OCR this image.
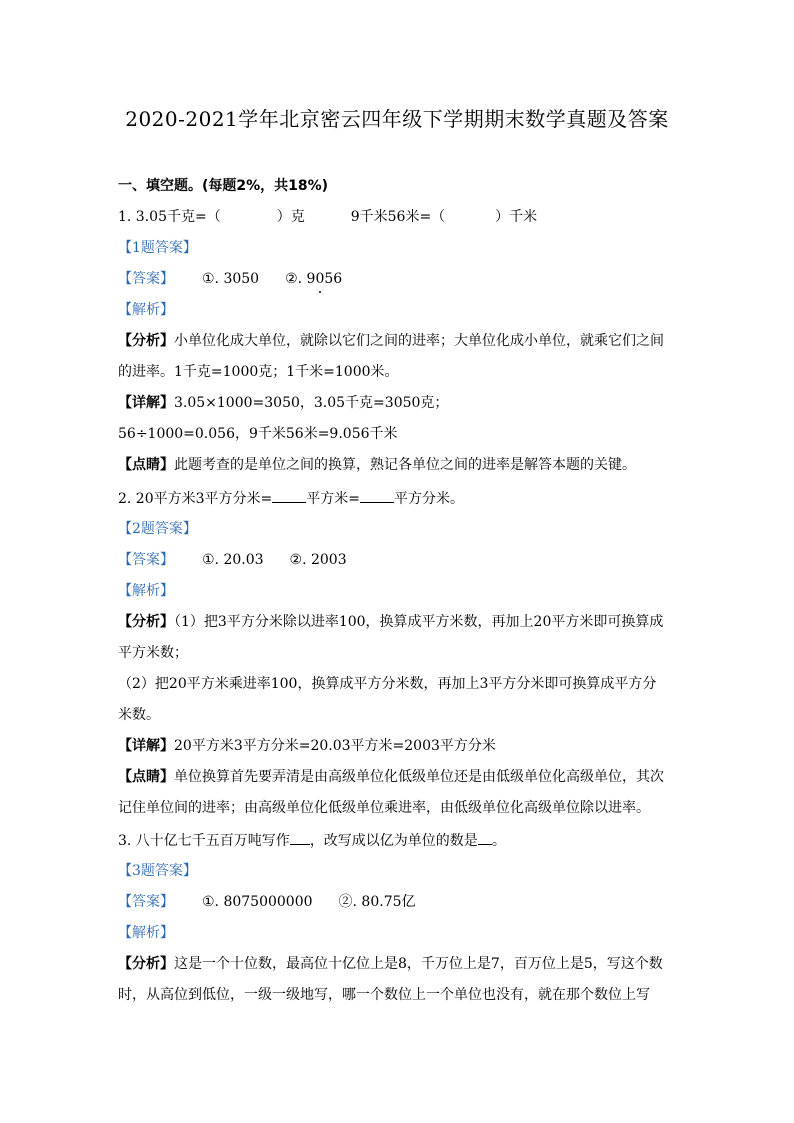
2020-2021学年北京密云四年级下学期期末数学真题及答案
一、填空题。(每题2%，共18%)
1. 3.05千克=（	）克	9千米56米=（	）千米
【1题答案】
【答案】 ①. 3050 ②. 9056
【解析】
【分析】小单位化成大单位，就除以它们之间的进率；大单位化成小单位，就乘它们之间
的进率。1千克=1000克；1千米=1000米。
【详解】3.05×1000=3050，3.05千克=3050克；
56÷1000=0.056，9千米56米=9.056千米
【点睛】此题考查的是单位之间的换算，熟记各单位之间的进率是解答本题的关键。
2. 20平方米3平方分米= 平方米= 平方分米。
【2题答案】
【答案】 ①. 20.03 ②. 2003
【解析】
【分析】（1）把3平方分米除以进率100，换算成平方米数，再加上20平方米即可换算成
平方米数；
（2）把20平方米乘进率100，换算成平方分米数，再加上3平方分米即可换算成平方分
米数。
【详解】20平方米3平方分米=20.03平方米=2003平方分米
【点睛】单位换算首先要弄清是由高级单位化低级单位还是由低级单位化高级单位，其次
记住单位间的进率；由高级单位化低级单位乘进率，由低级单位化高级单位除以进率。
3. 八十亿七千五百万吨写作 ，改写成以亿为单位的数是 。
【3题答案】
【答案】 ①. 8075000000 ②. 80.75亿
【解析】
【分析】这是一个十位数，最高位十亿位上是8，千万位上是7，百万位上是5，写这个数
时，从高位到低位，一级一级地写，哪一个数位上一个单位也没有，就在那个数位上写
